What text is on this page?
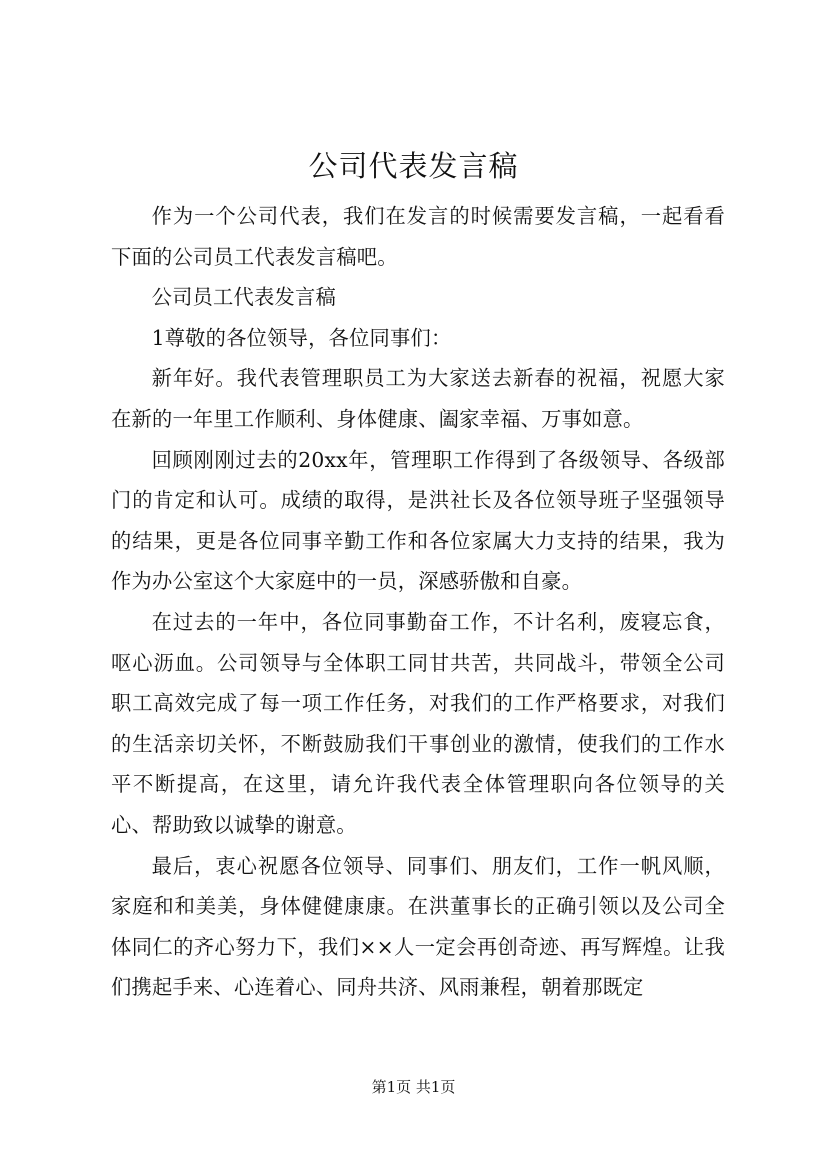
公司代表发言稿

作为一个公司代表，我们在发言的时候需要发言稿，一起看看下面的公司员工代表发言稿吧。

公司员工代表发言稿

1尊敬的各位领导，各位同事们：

新年好。我代表管理职员工为大家送去新春的祝福，祝愿大家在新的一年里工作顺利、身体健康、阖家幸福、万事如意。

回顾刚刚过去的20xx年，管理职工作得到了各级领导、各级部门的肯定和认可。成绩的取得，是洪社长及各位领导班子坚强领导的结果，更是各位同事辛勤工作和各位家属大力支持的结果，我为作为办公室这个大家庭中的一员，深感骄傲和自豪。

在过去的一年中，各位同事勤奋工作，不计名利，废寝忘食，呕心沥血。公司领导与全体职工同甘共苦，共同战斗，带领全公司职工高效完成了每一项工作任务，对我们的工作严格要求，对我们的生活亲切关怀，不断鼓励我们干事创业的激情，使我们的工作水平不断提高，在这里，请允许我代表全体管理职向各位领导的关心、帮助致以诚挚的谢意。

最后，衷心祝愿各位领导、同事们、朋友们，工作一帆风顺，家庭和和美美，身体健健康康。在洪董事长的正确引领以及公司全体同仁的齐心努力下，我们××人一定会再创奇迹、再写辉煌。让我们携起手来、心连着心、同舟共济、风雨兼程，朝着那既定

第1页 共1页
